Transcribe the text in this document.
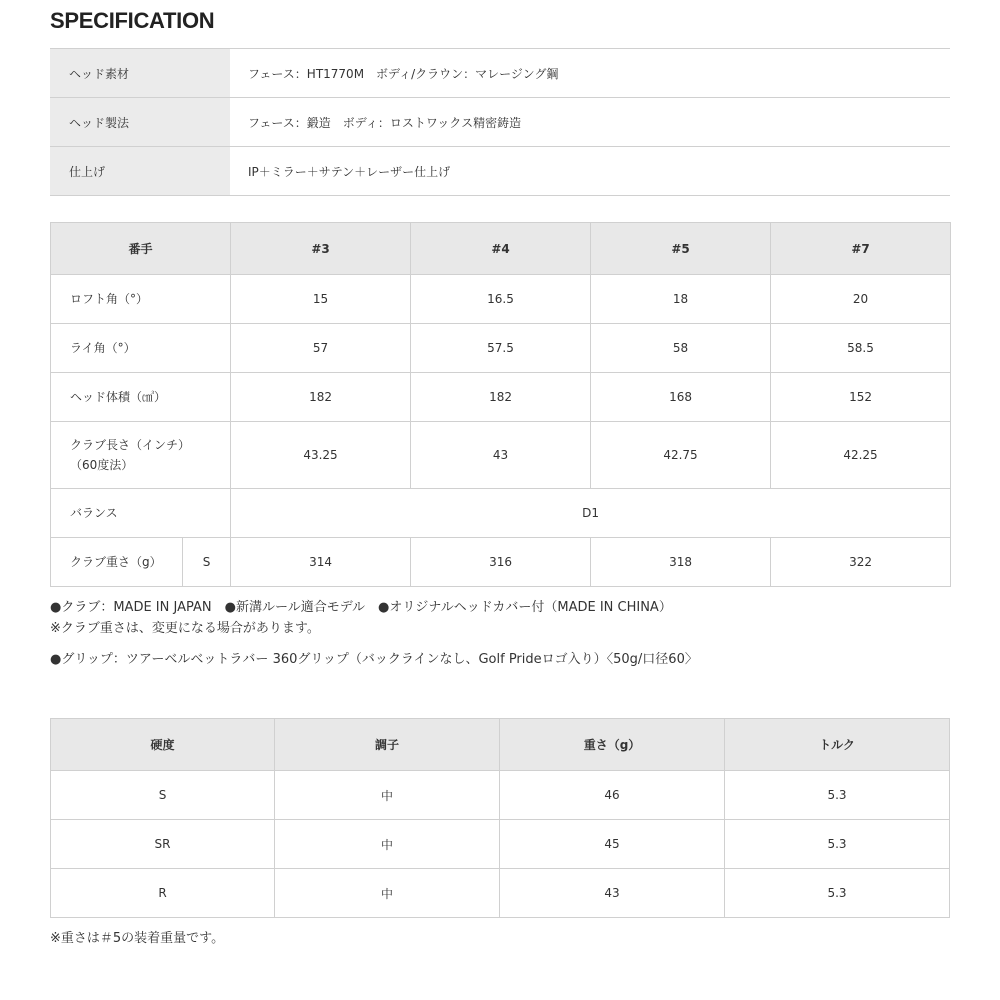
SPECIFICATION
ヘッド素材	フェース：HT1770M　ボディ/クラウン：マレージング鋼
ヘッド製法	フェース：鍛造　ボディ：ロストワックス精密鋳造
仕上げ	IP＋ミラー＋サテン＋レーザー仕上げ
番手		#3	#4	#5	#7
ロフト角（°）		15	16.5	18	20
ライ角（°）		57	57.5	58	58.5
ヘッド体積（㎤）		182	182	168	152

クラブ長さ（インチ）
（60度法）		43.25	43	42.75	42.25
バランス		D1			
クラブ重さ（g）	S	314	316	318	322
●クラブ：MADE IN JAPAN　●新溝ルール適合モデル　●オリジナルヘッドカバー付（MADE IN CHINA）
※クラブ重さは、変更になる場合があります。
●グリップ：ツアーベルベットラバー 360グリップ（バックラインなし、Golf Prideロゴ入り）〈50g/口径60〉
硬度	調子	重さ（g）	トルク
S	中	46	5.3
SR	中	45	5.3
R	中	43	5.3
※重さは＃5の装着重量です。
